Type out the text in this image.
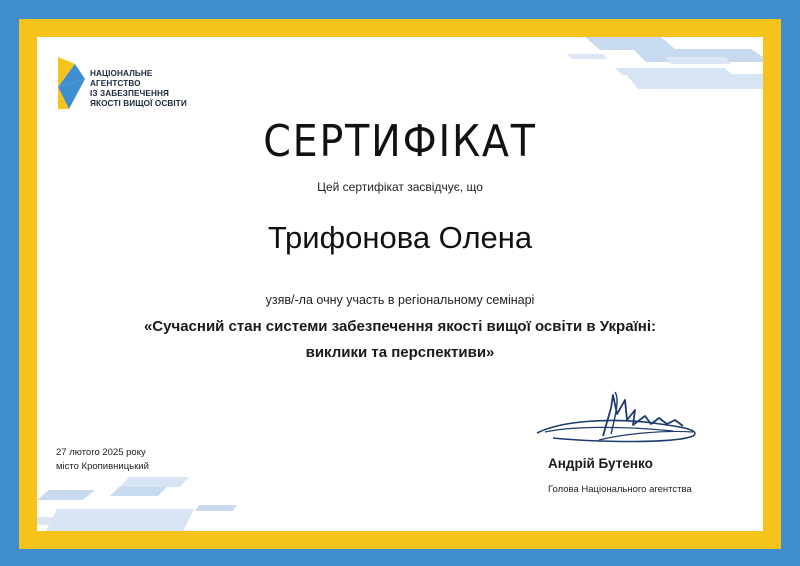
НАЦІОНАЛЬНЕ
АГЕНТСТВО
ІЗ ЗАБЕЗПЕЧЕННЯ
ЯКОСТІ ВИЩОЇ ОСВІТИ
СЕРТИФІКАТ
Цей сертифікат засвідчує, що
Трифонова Олена
узяв/-ла очну участь в регіональному семінарі
«Сучасний стан системи забезпечення якості вищої освіти в Україні:
виклики та перспективи»
27 лютого 2025 року
місто Кропивницький	Андрій Бутенко
Голова Національного агентства
